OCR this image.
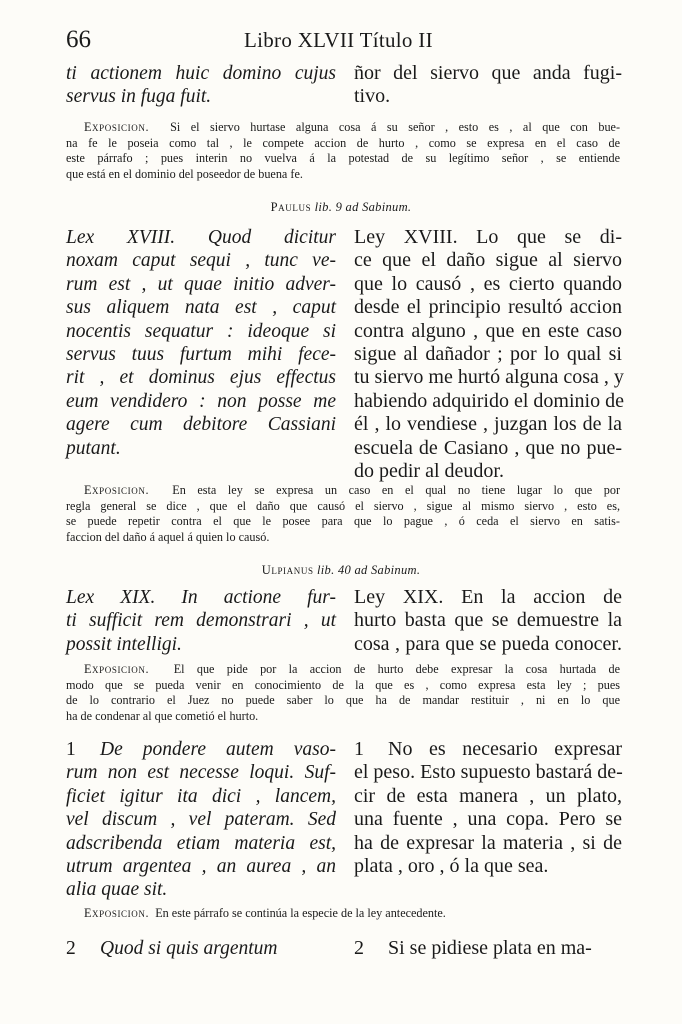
66	Libro XLVII Título II
ti actionem huic domino cujus
servus in fuga fuit.
ñor del siervo que anda fugi-
tivo.
Exposicion. Si el siervo hurtase alguna cosa á su señor , esto es , al que con bue-
na fe le poseia como tal , le compete accion de hurto , como se expresa en el caso de
este párrafo ; pues interin no vuelva á la potestad de su legítimo señor , se entiende
que está en el dominio del poseedor de buena fe.
Paulus lib. 9 ad Sabinum.
Lex XVIII. Quod dicitur
noxam caput sequi , tunc ve-
rum est , ut quae initio adver-
sus aliquem nata est , caput
nocentis sequatur : ideoque si
servus tuus furtum mihi fece-
rit , et dominus ejus effectus
eum vendidero : non posse me
agere cum debitore Cassiani
putant.
Ley XVIII. Lo que se di-
ce que el daño sigue al siervo
que lo causó , es cierto quando
desde el principio resultó accion
contra alguno , que en este caso
sigue al dañador ; por lo qual si
tu siervo me hurtó alguna cosa , y
habiendo adquirido el dominio de
él , lo vendiese , juzgan los de la
escuela de Casiano , que no pue-
do pedir al deudor.
Exposicion. En esta ley se expresa un caso en el qual no tiene lugar lo que por
regla general se dice , que el daño que causó el siervo , sigue al mismo siervo , esto es,
se puede repetir contra el que le posee para que lo pague , ó ceda el siervo en satis-
faccion del daño á aquel á quien lo causó.
Ulpianus lib. 40 ad Sabinum.
Lex XIX. In actione fur-
ti sufficit rem demonstrari , ut
possit intelligi.
Ley XIX. En la accion de
hurto basta que se demuestre la
cosa , para que se pueda conocer.
Exposicion. El que pide por la accion de hurto debe expresar la cosa hurtada de
modo que se pueda venir en conocimiento de la que es , como expresa esta ley ; pues
de lo contrario el Juez no puede saber lo que ha de mandar restituir , ni en lo que
ha de condenar al que cometió el hurto.
1 De pondere autem vaso-
rum non est necesse loqui. Suf-
ficiet igitur ita dici , lancem,
vel discum , vel pateram. Sed
adscribenda etiam materia est,
utrum argentea , an aurea , an
alia quae sit.
1 No es necesario expresar
el peso. Esto supuesto bastará de-
cir de esta manera , un plato,
una fuente , una copa. Pero se
ha de expresar la materia , si de
plata , oro , ó la que sea.
Exposicion. En este párrafo se continúa la especie de la ley antecedente.
2 Quod si quis argentum	2 Si se pidiese plata en ma-
